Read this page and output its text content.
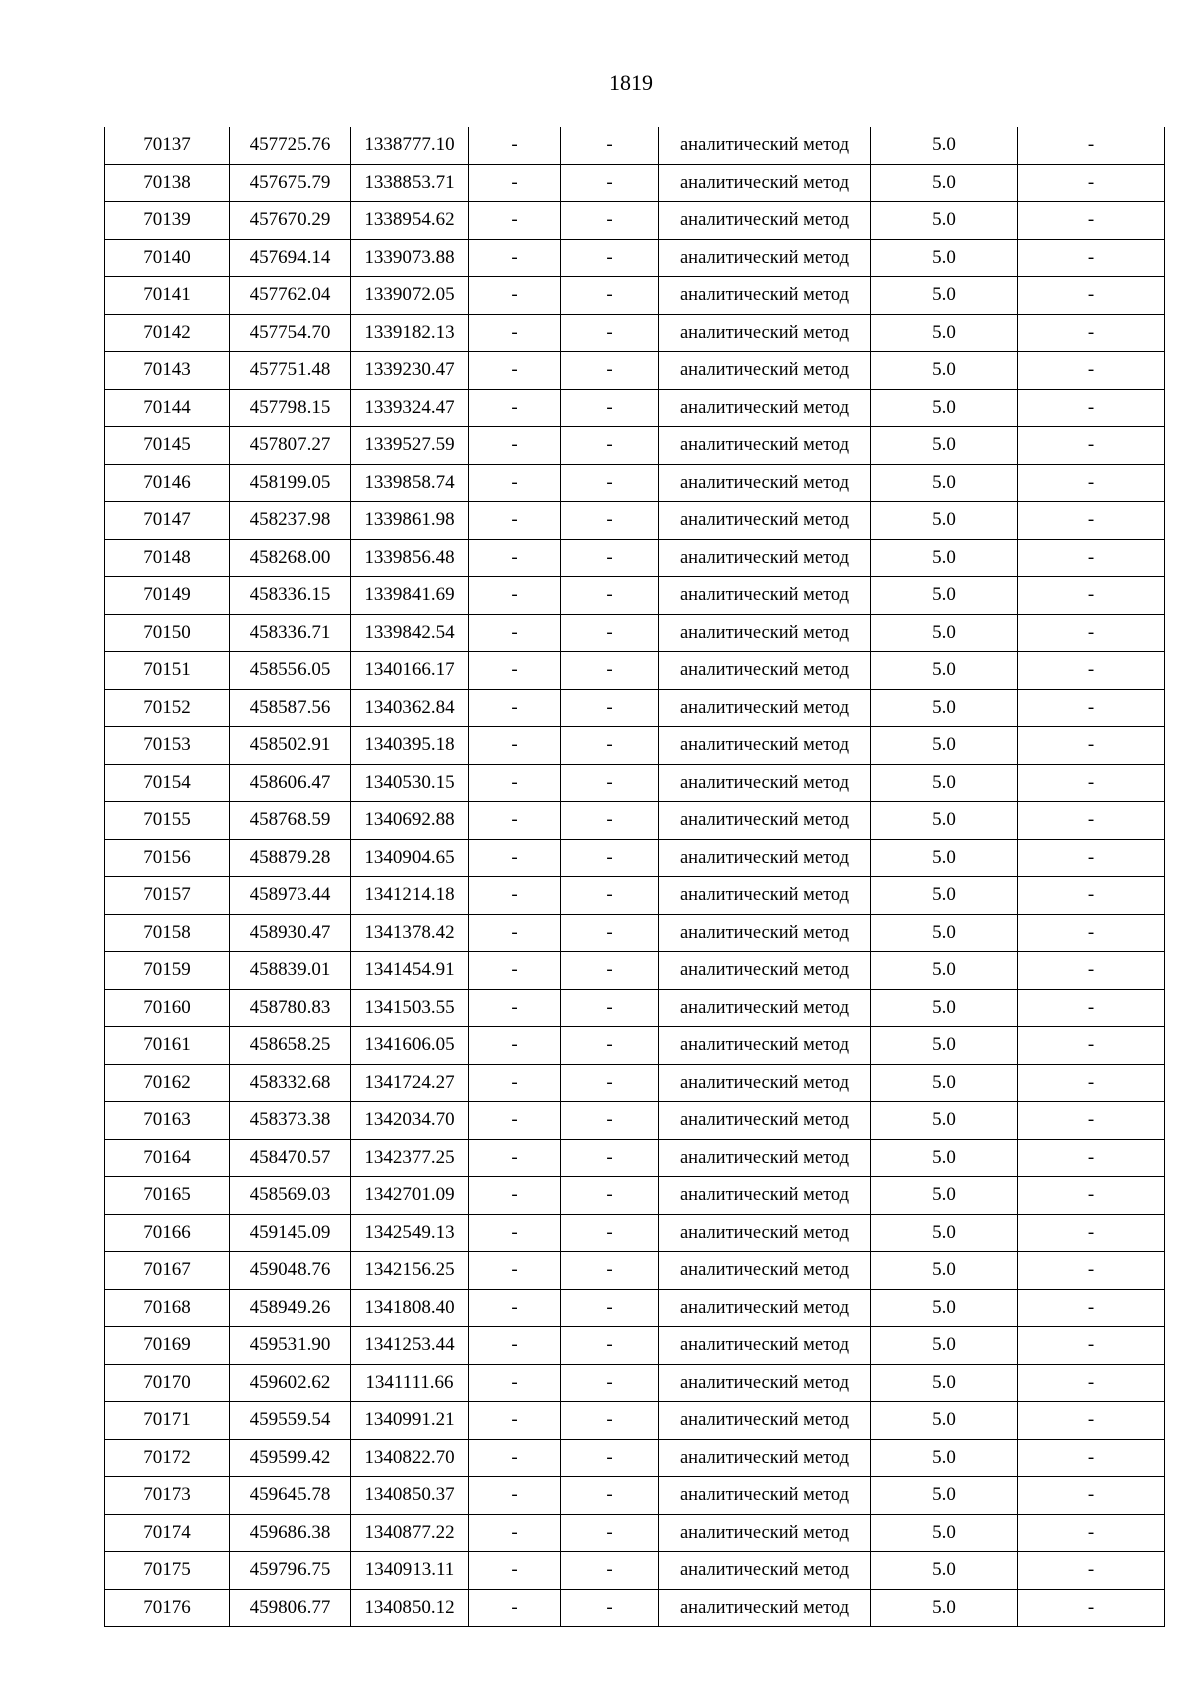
1819
70137	457725.76	1338777.10	-	-	аналитический метод	5.0	-
70138	457675.79	1338853.71	-	-	аналитический метод	5.0	-
70139	457670.29	1338954.62	-	-	аналитический метод	5.0	-
70140	457694.14	1339073.88	-	-	аналитический метод	5.0	-
70141	457762.04	1339072.05	-	-	аналитический метод	5.0	-
70142	457754.70	1339182.13	-	-	аналитический метод	5.0	-
70143	457751.48	1339230.47	-	-	аналитический метод	5.0	-
70144	457798.15	1339324.47	-	-	аналитический метод	5.0	-
70145	457807.27	1339527.59	-	-	аналитический метод	5.0	-
70146	458199.05	1339858.74	-	-	аналитический метод	5.0	-
70147	458237.98	1339861.98	-	-	аналитический метод	5.0	-
70148	458268.00	1339856.48	-	-	аналитический метод	5.0	-
70149	458336.15	1339841.69	-	-	аналитический метод	5.0	-
70150	458336.71	1339842.54	-	-	аналитический метод	5.0	-
70151	458556.05	1340166.17	-	-	аналитический метод	5.0	-
70152	458587.56	1340362.84	-	-	аналитический метод	5.0	-
70153	458502.91	1340395.18	-	-	аналитический метод	5.0	-
70154	458606.47	1340530.15	-	-	аналитический метод	5.0	-
70155	458768.59	1340692.88	-	-	аналитический метод	5.0	-
70156	458879.28	1340904.65	-	-	аналитический метод	5.0	-
70157	458973.44	1341214.18	-	-	аналитический метод	5.0	-
70158	458930.47	1341378.42	-	-	аналитический метод	5.0	-
70159	458839.01	1341454.91	-	-	аналитический метод	5.0	-
70160	458780.83	1341503.55	-	-	аналитический метод	5.0	-
70161	458658.25	1341606.05	-	-	аналитический метод	5.0	-
70162	458332.68	1341724.27	-	-	аналитический метод	5.0	-
70163	458373.38	1342034.70	-	-	аналитический метод	5.0	-
70164	458470.57	1342377.25	-	-	аналитический метод	5.0	-
70165	458569.03	1342701.09	-	-	аналитический метод	5.0	-
70166	459145.09	1342549.13	-	-	аналитический метод	5.0	-
70167	459048.76	1342156.25	-	-	аналитический метод	5.0	-
70168	458949.26	1341808.40	-	-	аналитический метод	5.0	-
70169	459531.90	1341253.44	-	-	аналитический метод	5.0	-
70170	459602.62	1341111.66	-	-	аналитический метод	5.0	-
70171	459559.54	1340991.21	-	-	аналитический метод	5.0	-
70172	459599.42	1340822.70	-	-	аналитический метод	5.0	-
70173	459645.78	1340850.37	-	-	аналитический метод	5.0	-
70174	459686.38	1340877.22	-	-	аналитический метод	5.0	-
70175	459796.75	1340913.11	-	-	аналитический метод	5.0	-
70176	459806.77	1340850.12	-	-	аналитический метод	5.0	-
